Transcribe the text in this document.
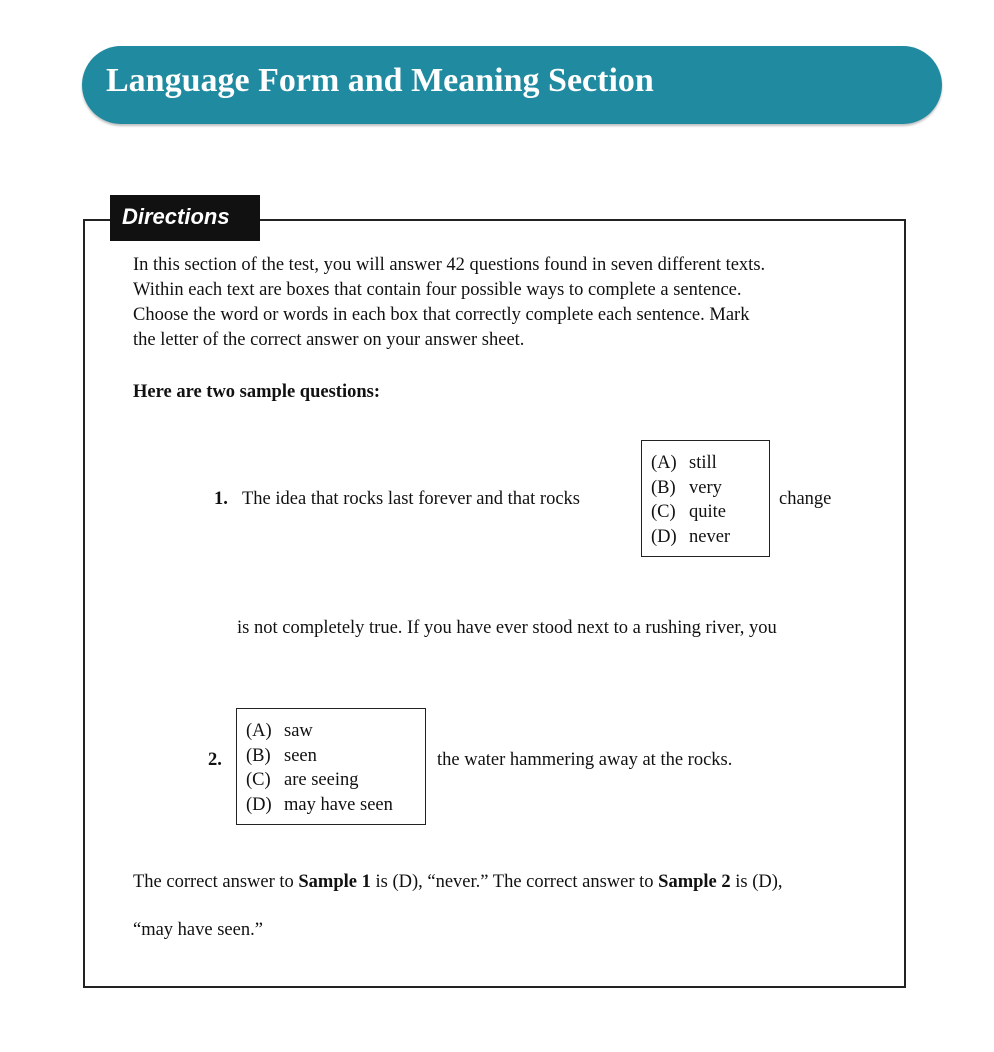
Language Form and Meaning Section
Directions
In this section of the test, you will answer 42 questions found in seven different texts.
Within each text are boxes that contain four possible ways to complete a sentence.
Choose the word or words in each box that correctly complete each sentence. Mark
the letter of the correct answer on your answer sheet.
Here are two sample questions:
1. The idea that rocks last forever and that rocks
(A) still
(B) very
(C) quite
(D) never
change
is not completely true. If you have ever stood next to a rushing river, you
2.
(A) saw
(B) seen
(C) are seeing
(D) may have seen
the water hammering away at the rocks.
The correct answer to Sample 1 is (D), “never.” The correct answer to Sample 2 is (D),
“may have seen.”
